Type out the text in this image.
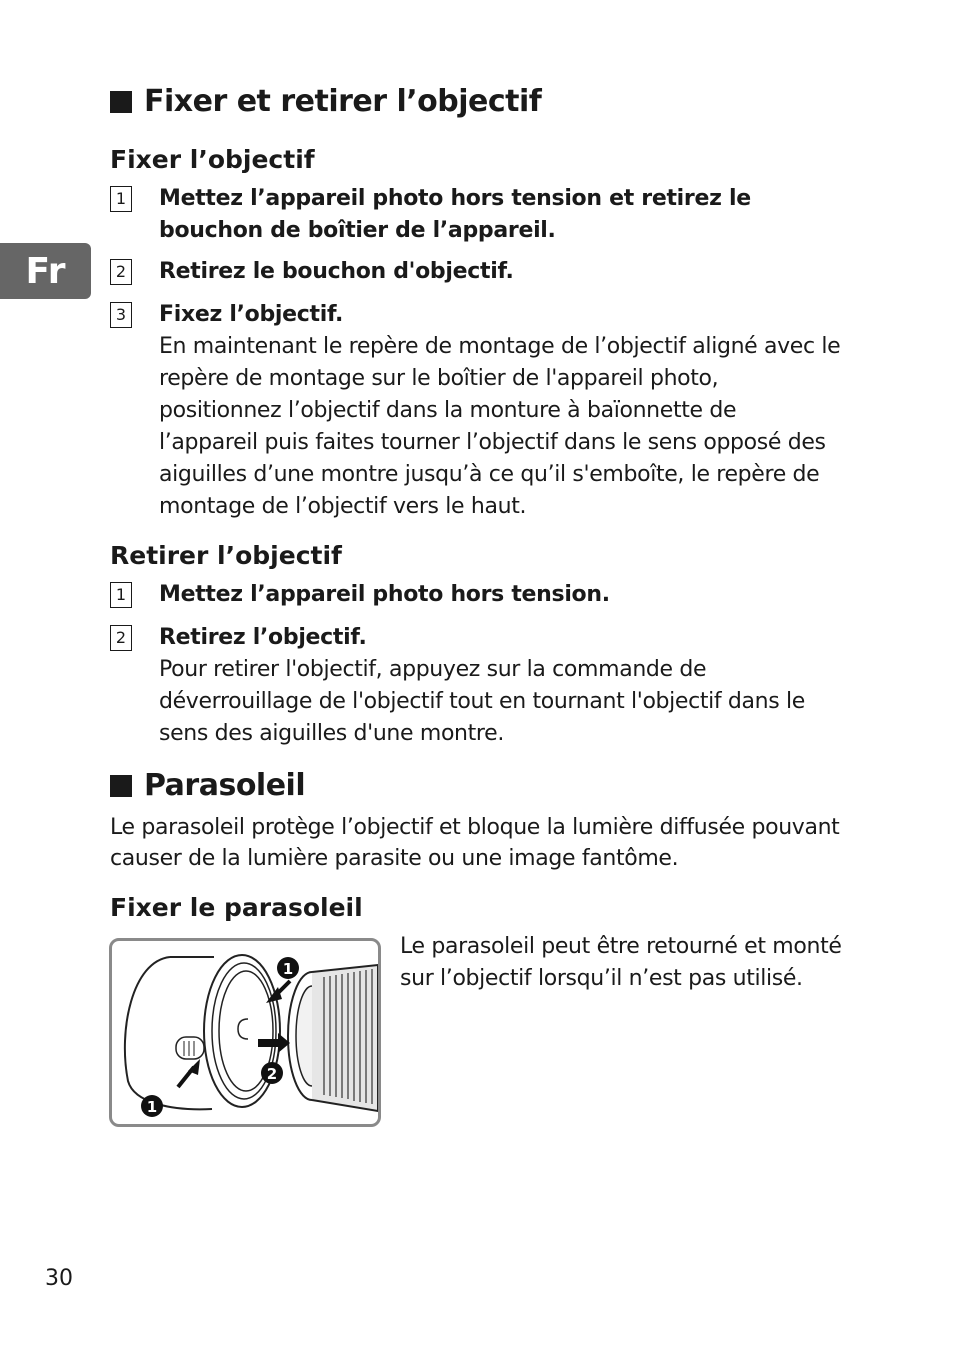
Fr
Fixer et retirer l’objectif
Fixer l’objectif
1 Mettez l’appareil photo hors tension et retirez le bouchon de boîtier de l’appareil.
2 Retirez le bouchon d'objectif.
3 Fixez l’objectif.
En maintenant le repère de montage de l’objectif aligné avec le repère de montage sur le boîtier de l'appareil photo, positionnez l’objectif dans la monture à baïonnette de l’appareil puis faites tourner l’objectif dans le sens opposé des aiguilles d’une montre jusqu’à ce qu’il s'emboîte, le repère de montage de l’objectif vers le haut.
Retirer l’objectif
1 Mettez l’appareil photo hors tension.
2 Retirez l’objectif.
Pour retirer l'objectif, appuyez sur la commande de déverrouillage de l'objectif tout en tournant l'objectif dans le sens des aiguilles d'une montre.
Parasoleil
Le parasoleil protège l’objectif et bloque la lumière diffusée pouvant causer de la lumière parasite ou une image fantôme.
Fixer le parasoleil
1
2
1
Le parasoleil peut être retourné et monté sur l’objectif lorsqu’il n’est pas utilisé.
30
